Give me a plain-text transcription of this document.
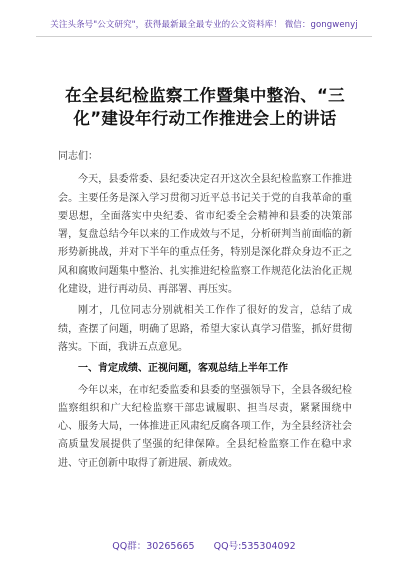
关注头条号"公文研究"，获得最新最全最专业的公文资料库！ 微信：gongwenyj
在全县纪检监察工作暨集中整治、“三化”建设年行动工作推进会上的讲话

同志们：

今天，县委常委、县纪委决定召开这次全县纪检监察工作推进会。主要任务是深入学习贯彻习近平总书记关于党的自我革命的重要思想，全面落实中央纪委、省市纪委全会精神和县委的决策部署，复盘总结今年以来的工作成效与不足，分析研判当前面临的新形势新挑战，并对下半年的重点任务，特别是深化群众身边不正之风和腐败问题集中整治、扎实推进纪检监察工作规范化法治化正规化建设，进行再动员、再部署、再压实。

刚才，几位同志分别就相关工作作了很好的发言，总结了成绩，查摆了问题，明确了思路，希望大家认真学习借鉴，抓好贯彻落实。下面，我讲五点意见。

一、肯定成绩、正视问题，客观总结上半年工作

今年以来，在市纪委监委和县委的坚强领导下，全县各级纪检监察组织和广大纪检监察干部忠诚履职、担当尽责，紧紧围绕中心、服务大局，一体推进正风肃纪反腐各项工作，为全县经济社会高质量发展提供了坚强的纪律保障。全县纪检监察工作在稳中求进、守正创新中取得了新进展、新成效。

QQ群：30265665 QQ号:535304092
